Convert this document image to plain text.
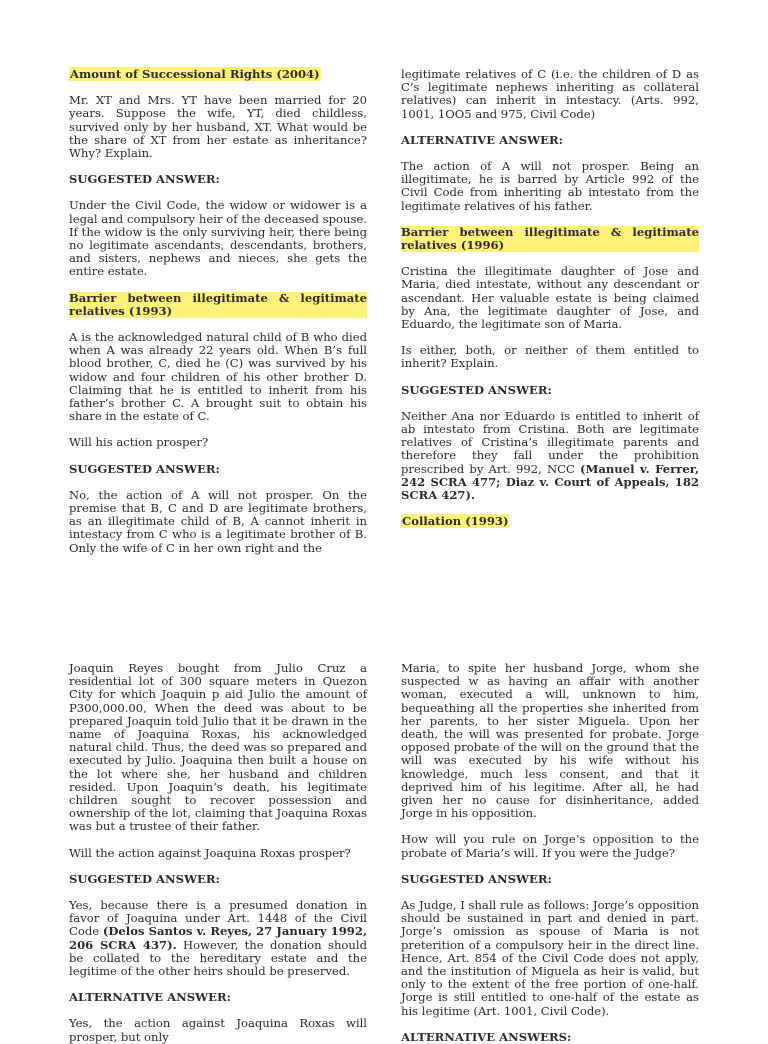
Amount of Successional Rights (2004)

Mr. XT and Mrs. YT have been married for 20 years. Suppose the wife, YT, died childless, survived only by her husband, XT. What would be the share of XT from her estate as inheritance? Why? Explain.

SUGGESTED ANSWER:

Under the Civil Code, the widow or widower is a legal and compulsory heir of the deceased spouse. If the widow is the only surviving heir, there being no legitimate ascendants, descendants, brothers, and sisters, nephews and nieces, she gets the entire estate.

Barrier between illegitimate & legitimate relatives (1993)

A is the acknowledged natural child of B who died when A was already 22 years old. When B’s full blood brother, C, died he (C) was survived by his widow and four children of his other brother D. Claiming that he is entitled to inherit from his father’s brother C. A brought suit to obtain his share in the estate of C.

Will his action prosper?

SUGGESTED ANSWER:

No, the action of A will not prosper. On the premise that B, C and D are legitimate brothers, as an illegitimate child of B, A cannot inherit in intestacy from C who is a legitimate brother of B. Only the wife of C in her own right and the

legitimate relatives of C (i.e. the children of D as C’s legitimate nephews inheriting as collateral relatives) can inherit in intestacy. (Arts. 992, 1001, 1OO5 and 975, Civil Code)

ALTERNATIVE ANSWER:

The action of A will not prosper. Being an illegitimate, he is barred by Article 992 of the Civil Code from inheriting ab intestato from the legitimate relatives of his father.

Barrier between illegitimate & legitimate relatives (1996)

Cristina the illegitimate daughter of Jose and Maria, died intestate, without any descendant or ascendant. Her valuable estate is being claimed by Ana, the legitimate daughter of Jose, and Eduardo, the legitimate son of Maria.

Is either, both, or neither of them entitled to inherit? Explain.

SUGGESTED ANSWER:

Neither Ana nor Eduardo is entitled to inherit of ab intestato from Cristina. Both are legitimate relatives of Cristina’s illegitimate parents and therefore they fall under the prohibition prescribed by Art. 992, NCC (Manuel v. Ferrer, 242 SCRA 477; Diaz v. Court of Appeals, 182 SCRA 427).

Collation (1993)

Joaquin Reyes bought from Julio Cruz a residential lot of 300 square meters in Quezon City for which Joaquin p aid Julio the amount of P300,000.00, When the deed was about to be prepared Joaquin told Julio that it be drawn in the name of Joaquina Roxas, his acknowledged natural child. Thus, the deed was so prepared and executed by Julio. Joaquina then built a house on the lot where she, her husband and children resided. Upon Joaquin’s death, his legitimate children sought to recover possession and ownership of the lot, claiming that Joaquina Roxas was but a trustee of their father.

Will the action against Joaquina Roxas prosper?

SUGGESTED ANSWER:

Yes, because there is a presumed donation in favor of Joaquina under Art. 1448 of the Civil Code (Delos Santos v. Reyes, 27 January 1992, 206 SCRA 437). However, the donation should be collated to the hereditary estate and the legitime of the other heirs should be preserved.

ALTERNATIVE ANSWER:

Yes, the action against Joaquina Roxas will prosper, but only

Maria, to spite her husband Jorge, whom she suspected w as having an affair with another woman, executed a will, unknown to him, bequeathing all the properties she inherited from her parents, to her sister Miguela. Upon her death, the will was presented for probate. Jorge opposed probate of the will on the ground that the will was executed by his wife without his knowledge, much less consent, and that it deprived him of his legitime. After all, he had given her no cause for disinheritance, added Jorge in his opposition.

How will you rule on Jorge’s opposition to the probate of Maria’s will. If you were the Judge?

SUGGESTED ANSWER:

As Judge, I shall rule as follows: Jorge’s opposition should be sustained in part and denied in part. Jorge’s omission as spouse of Maria is not preterition of a compulsory heir in the direct line. Hence, Art. 854 of the Civil Code does not apply, and the institution of Miguela as heir is valid, but only to the extent of the free portion of one-half. Jorge is still entitled to one-half of the estate as his legitime (Art. 1001, Civil Code).

ALTERNATIVE ANSWERS:
